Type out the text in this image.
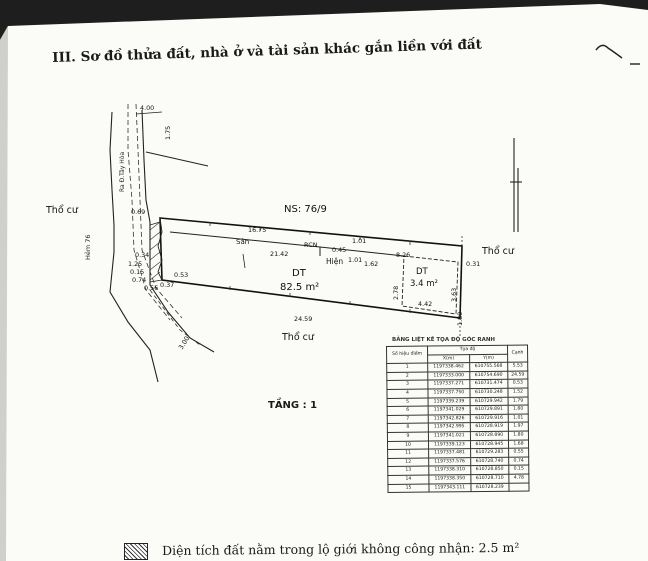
NS: 76/9
Thổ cư
Thổ cư
Thổ cư
Ra Đ.Tây Hòa
Hẻm 76
DT
82.5 m²
DT
3.4 m²
Sân	RCN
Hiện
16.75
21.42
1.01
8.26
24.59
4.42
2.78	3.63
0.31
0.45
1.01 1.62
1.80
4.00
0.69
0.34
1.25
0.15
0.74
0.56
0.53
0.37
3.00
1.75
III. Sơ đồ thửa đất, nhà ở và tài sản khác gắn liền với đất
TẦNG : 1
BẢNG LIỆT KÊ TỌA ĐỘ GÓC RANH
Số hiệu điểm	Tọa độ		Cạnh
	X(m)	Y(m)	
1	1197338.462	610755.568	5.53
2	1197333.000	610754.690	24.59
3	1197337.271	610731.474	0.53
4	1197337.750	610730.248	1.52
5	1197339.239	610729.942	1.79
6	1197341.029	610729.891	1.80
7	1197342.826	610729.916	1.01
8	1197342.995	610728.919	1.97
9	1197341.021	610728.890	1.80
10	1197339.123	610728.945	1.68
11	1197337.481	610729.283	0.55
12	1197337.576	610728.740	0.74
13	1197338.310	610728.850	0.15
14	1197338.350	610728.710	4.78
15	1197343.111	610728.239	
Diện tích đất nằm trong lộ giới không công nhận: 2.5 m²
